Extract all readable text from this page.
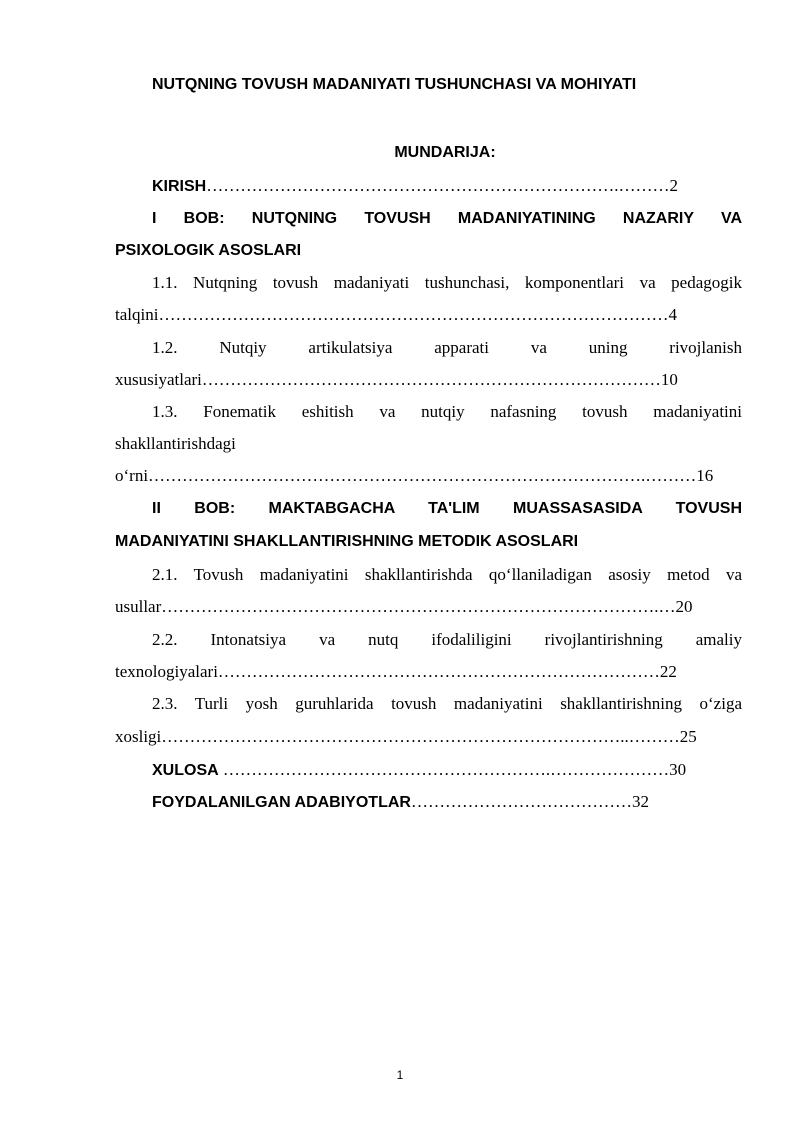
NUTQNING TOVUSH MADANIYATI TUSHUNCHASI VA MOHIYATI
MUNDARIJA:
KIRISH……………………………………………………………….………2
I BOB: NUTQNING TOVUSH MADANIYATINING NAZARIY VA
PSIXOLOGIK ASOSLARI
1.1. Nutqning tovush madaniyati tushunchasi, komponentlari va pedagogik
talqini………………………………………………………………………………4
1.2. Nutqiy artikulatsiya apparati va uning rivojlanish
xususiyatlari………………………………………………………………………10
1.3. Fonematik eshitish va nutqiy nafasning tovush madaniyatini
shakllantirishdagi
o‘rni…………………………………………………………………………….………16
II BOB: MAKTABGACHA TA'LIM MUASSASASIDA TOVUSH
MADANIYATINI SHAKLLANTIRISHNING METODIK ASOSLARI
2.1. Tovush madaniyatini shakllantirishda qo‘llaniladigan asosiy metod va
usullar…………………………………………………………………………….…20
2.2. Intonatsiya va nutq ifodaliligini rivojlantirishning amaliy
texnologiyalari……………………………………………………………………22
2.3. Turli yosh guruhlarida tovush madaniyatini shakllantirishning o‘ziga
xosligi………………………………………………………………………..………25
XULOSA ………………………………………………….…………………30
FOYDALANILGAN ADABIYOTLAR…………………………………32
1
